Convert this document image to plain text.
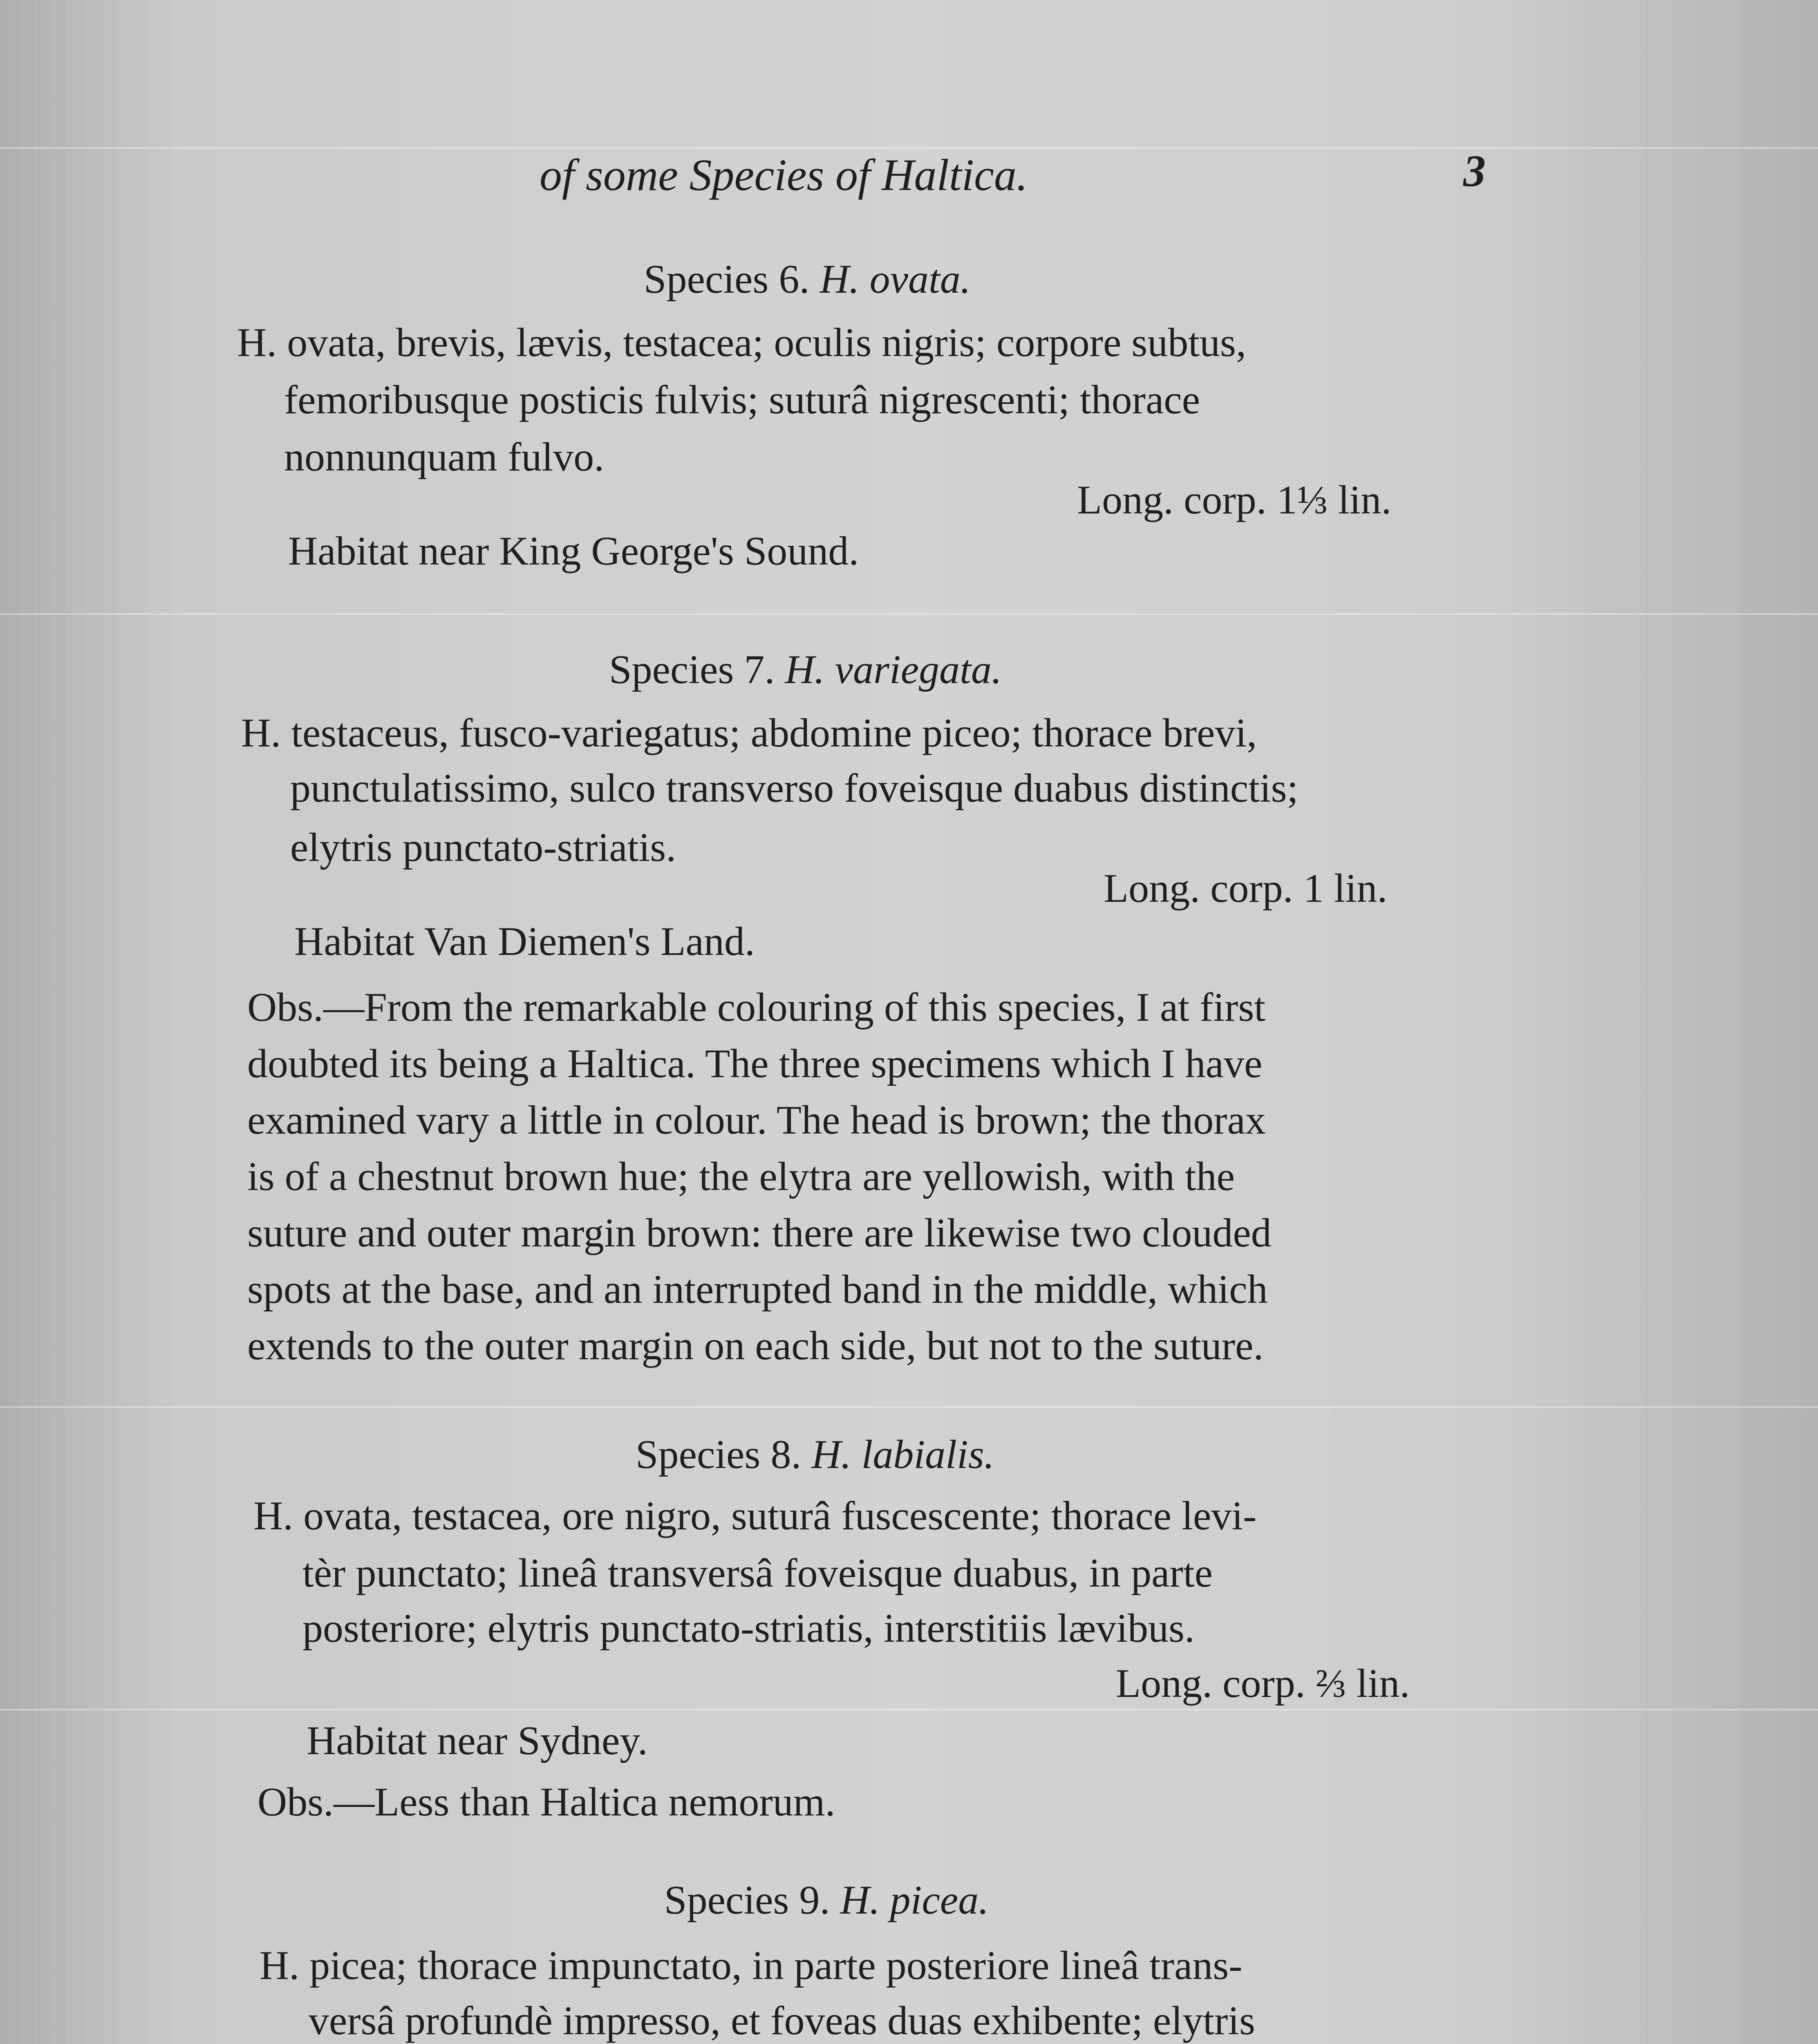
of some Species of Haltica.	3
Species 6. H. ovata.
H. ovata, brevis, lævis, testacea; oculis nigris; corpore subtus,
femoribusque posticis fulvis; suturâ nigrescenti; thorace
nonnunquam fulvo.
Long. corp. 1⅓ lin.
Habitat near King George's Sound.
Species 7. H. variegata.
H. testaceus, fusco-variegatus; abdomine piceo; thorace brevi,
punctulatissimo, sulco transverso foveisque duabus distinctis;
elytris punctato-striatis.
Long. corp. 1 lin.
Habitat Van Diemen's Land.
Obs.—From the remarkable colouring of this species, I at first
doubted its being a Haltica. The three specimens which I have
examined vary a little in colour. The head is brown; the thorax
is of a chestnut brown hue; the elytra are yellowish, with the
suture and outer margin brown: there are likewise two clouded
spots at the base, and an interrupted band in the middle, which
extends to the outer margin on each side, but not to the suture.
Species 8. H. labialis.
H. ovata, testacea, ore nigro, suturâ fuscescente; thorace levi-
tèr punctato; lineâ transversâ foveisque duabus, in parte
posteriore; elytris punctato-striatis, interstitiis lævibus.
Long. corp. ⅔ lin.
Habitat near Sydney.
Obs.—Less than Haltica nemorum.
Species 9. H. picea.
H. picea; thorace impunctato, in parte posteriore lineâ trans-
versâ profundè impresso, et foveas duas exhibente; elytris
